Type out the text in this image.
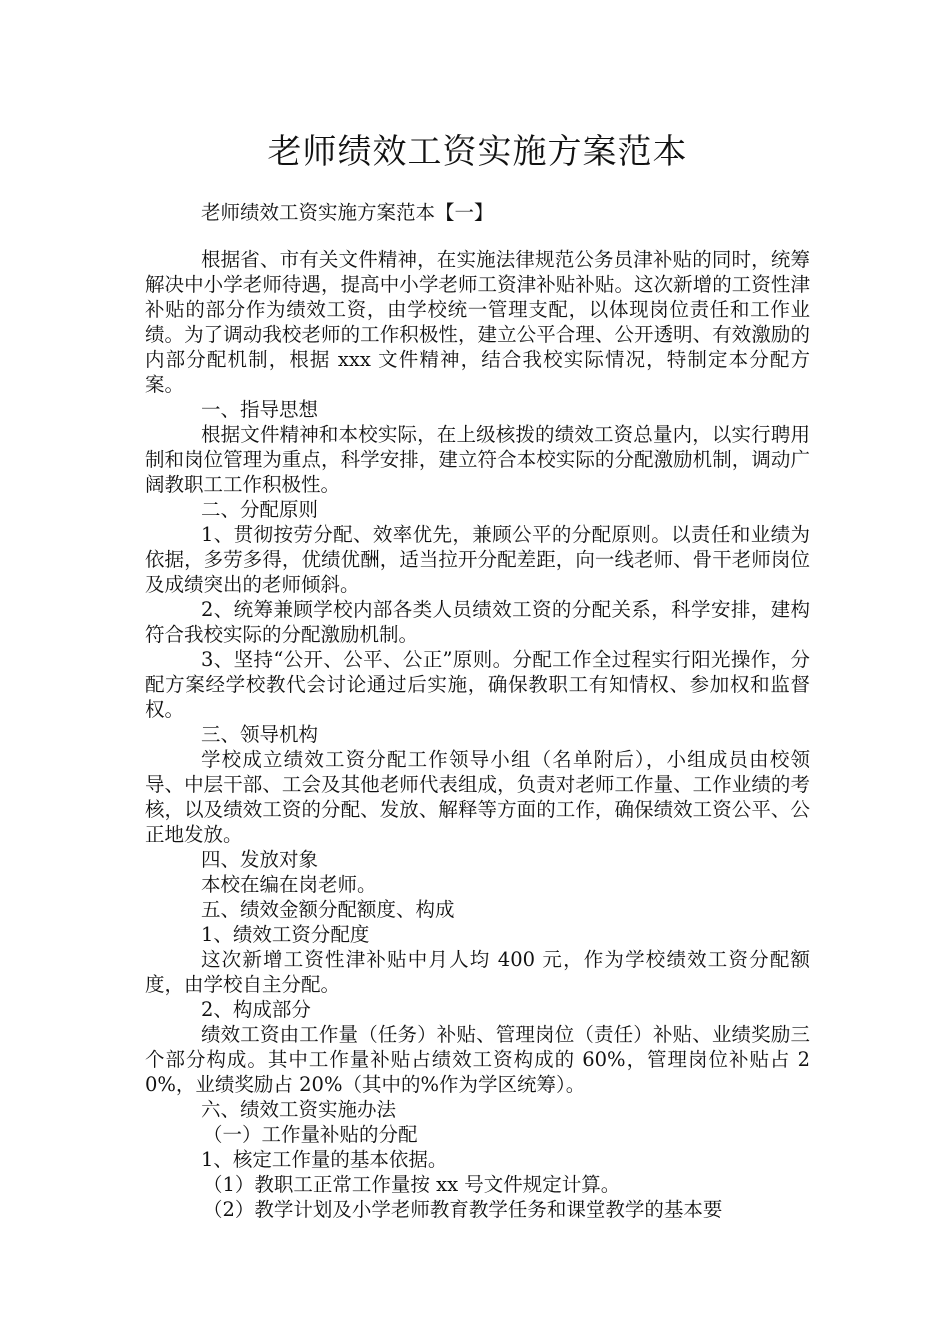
老师绩效工资实施方案范本

老师绩效工资实施方案范本【一】

根据省、市有关文件精神，在实施法律规范公务员津补贴的同时，统筹解决中小学老师待遇，提高中小学老师工资津补贴补贴。这次新增的工资性津补贴的部分作为绩效工资，由学校统一管理支配，以体现岗位责任和工作业绩。为了调动我校老师的工作积极性，建立公平合理、公开透明、有效激励的内部分配机制，根据 xxx 文件精神，结合我校实际情况，特制定本分配方案。

一、指导思想

根据文件精神和本校实际，在上级核拨的绩效工资总量内，以实行聘用制和岗位管理为重点，科学安排，建立符合本校实际的分配激励机制，调动广阔教职工工作积极性。

二、分配原则

1、贯彻按劳分配、效率优先，兼顾公平的分配原则。以责任和业绩为依据，多劳多得，优绩优酬，适当拉开分配差距，向一线老师、骨干老师岗位及成绩突出的老师倾斜。

2、统筹兼顾学校内部各类人员绩效工资的分配关系，科学安排，建构符合我校实际的分配激励机制。

3、坚持“公开、公平、公正”原则。分配工作全过程实行阳光操作，分配方案经学校教代会讨论通过后实施，确保教职工有知情权、参加权和监督权。

三、领导机构

学校成立绩效工资分配工作领导小组（名单附后），小组成员由校领导、中层干部、工会及其他老师代表组成，负责对老师工作量、工作业绩的考核，以及绩效工资的分配、发放、解释等方面的工作，确保绩效工资公平、公正地发放。

四、发放对象

本校在编在岗老师。

五、绩效金额分配额度、构成

1、绩效工资分配度

这次新增工资性津补贴中月人均 400 元，作为学校绩效工资分配额度，由学校自主分配。

2、构成部分

绩效工资由工作量（任务）补贴、管理岗位（责任）补贴、业绩奖励三个部分构成。其中工作量补贴占绩效工资构成的 60%，管理岗位补贴占 20%，业绩奖励占 20%（其中的%作为学区统筹）。

六、绩效工资实施办法

（一）工作量补贴的分配

1、核定工作量的基本依据。

（1）教职工正常工作量按 xx 号文件规定计算。

（2）教学计划及小学老师教育教学任务和课堂教学的基本要
